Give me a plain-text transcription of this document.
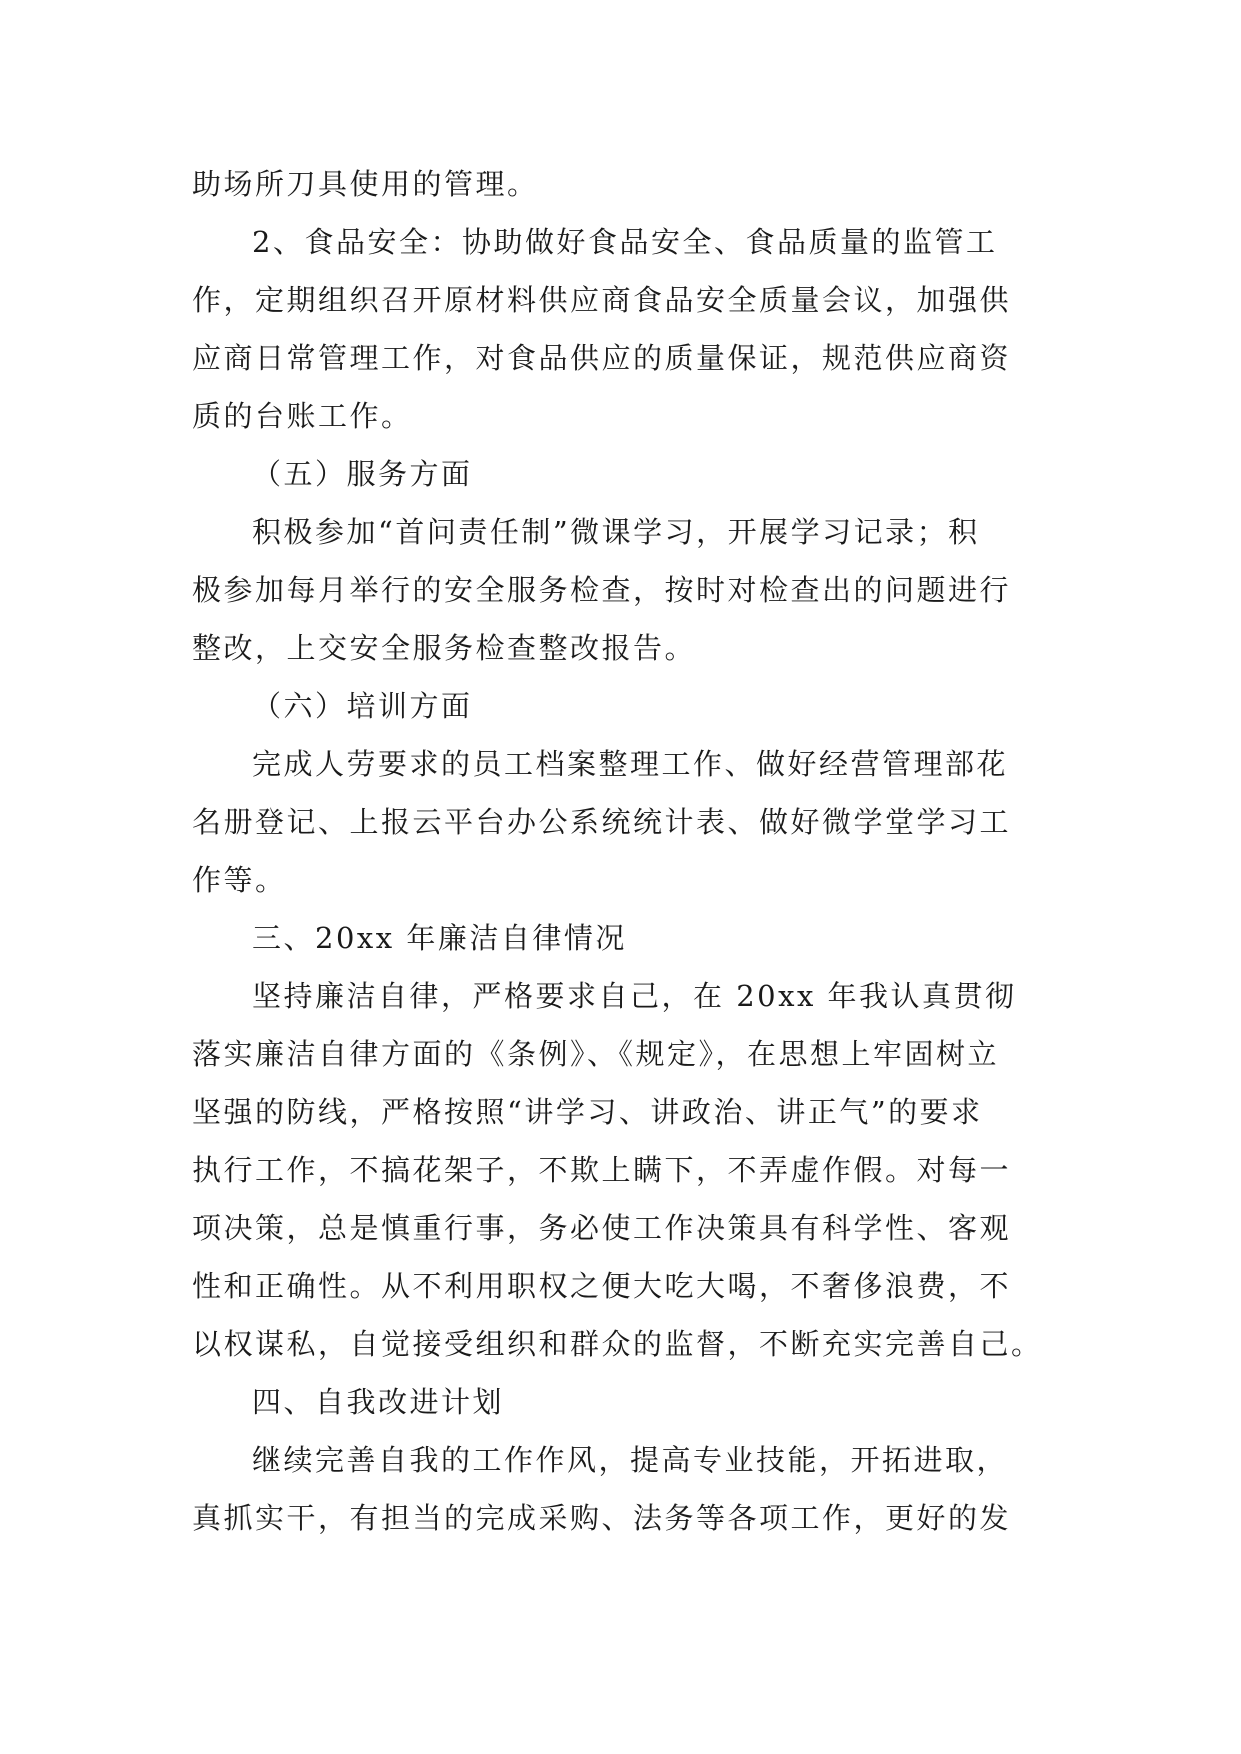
助场所刀具使用的管理。
2、食品安全：协助做好食品安全、食品质量的监管工
作，定期组织召开原材料供应商食品安全质量会议，加强供
应商日常管理工作，对食品供应的质量保证，规范供应商资
质的台账工作。
（五）服务方面
积极参加“首问责任制”微课学习，开展学习记录；积
极参加每月举行的安全服务检查，按时对检查出的问题进行
整改，上交安全服务检查整改报告。
（六）培训方面
完成人劳要求的员工档案整理工作、做好经营管理部花
名册登记、上报云平台办公系统统计表、做好微学堂学习工
作等。
三、20xx 年廉洁自律情况
坚持廉洁自律，严格要求自己，在 20xx 年我认真贯彻
落实廉洁自律方面的《条例》、《规定》，在思想上牢固树立
坚强的防线，严格按照“讲学习、讲政治、讲正气”的要求
执行工作，不搞花架子，不欺上瞒下，不弄虚作假。对每一
项决策，总是慎重行事，务必使工作决策具有科学性、客观
性和正确性。从不利用职权之便大吃大喝，不奢侈浪费，不
以权谋私，自觉接受组织和群众的监督，不断充实完善自己。
四、自我改进计划
继续完善自我的工作作风，提高专业技能，开拓进取，
真抓实干，有担当的完成采购、法务等各项工作，更好的发
